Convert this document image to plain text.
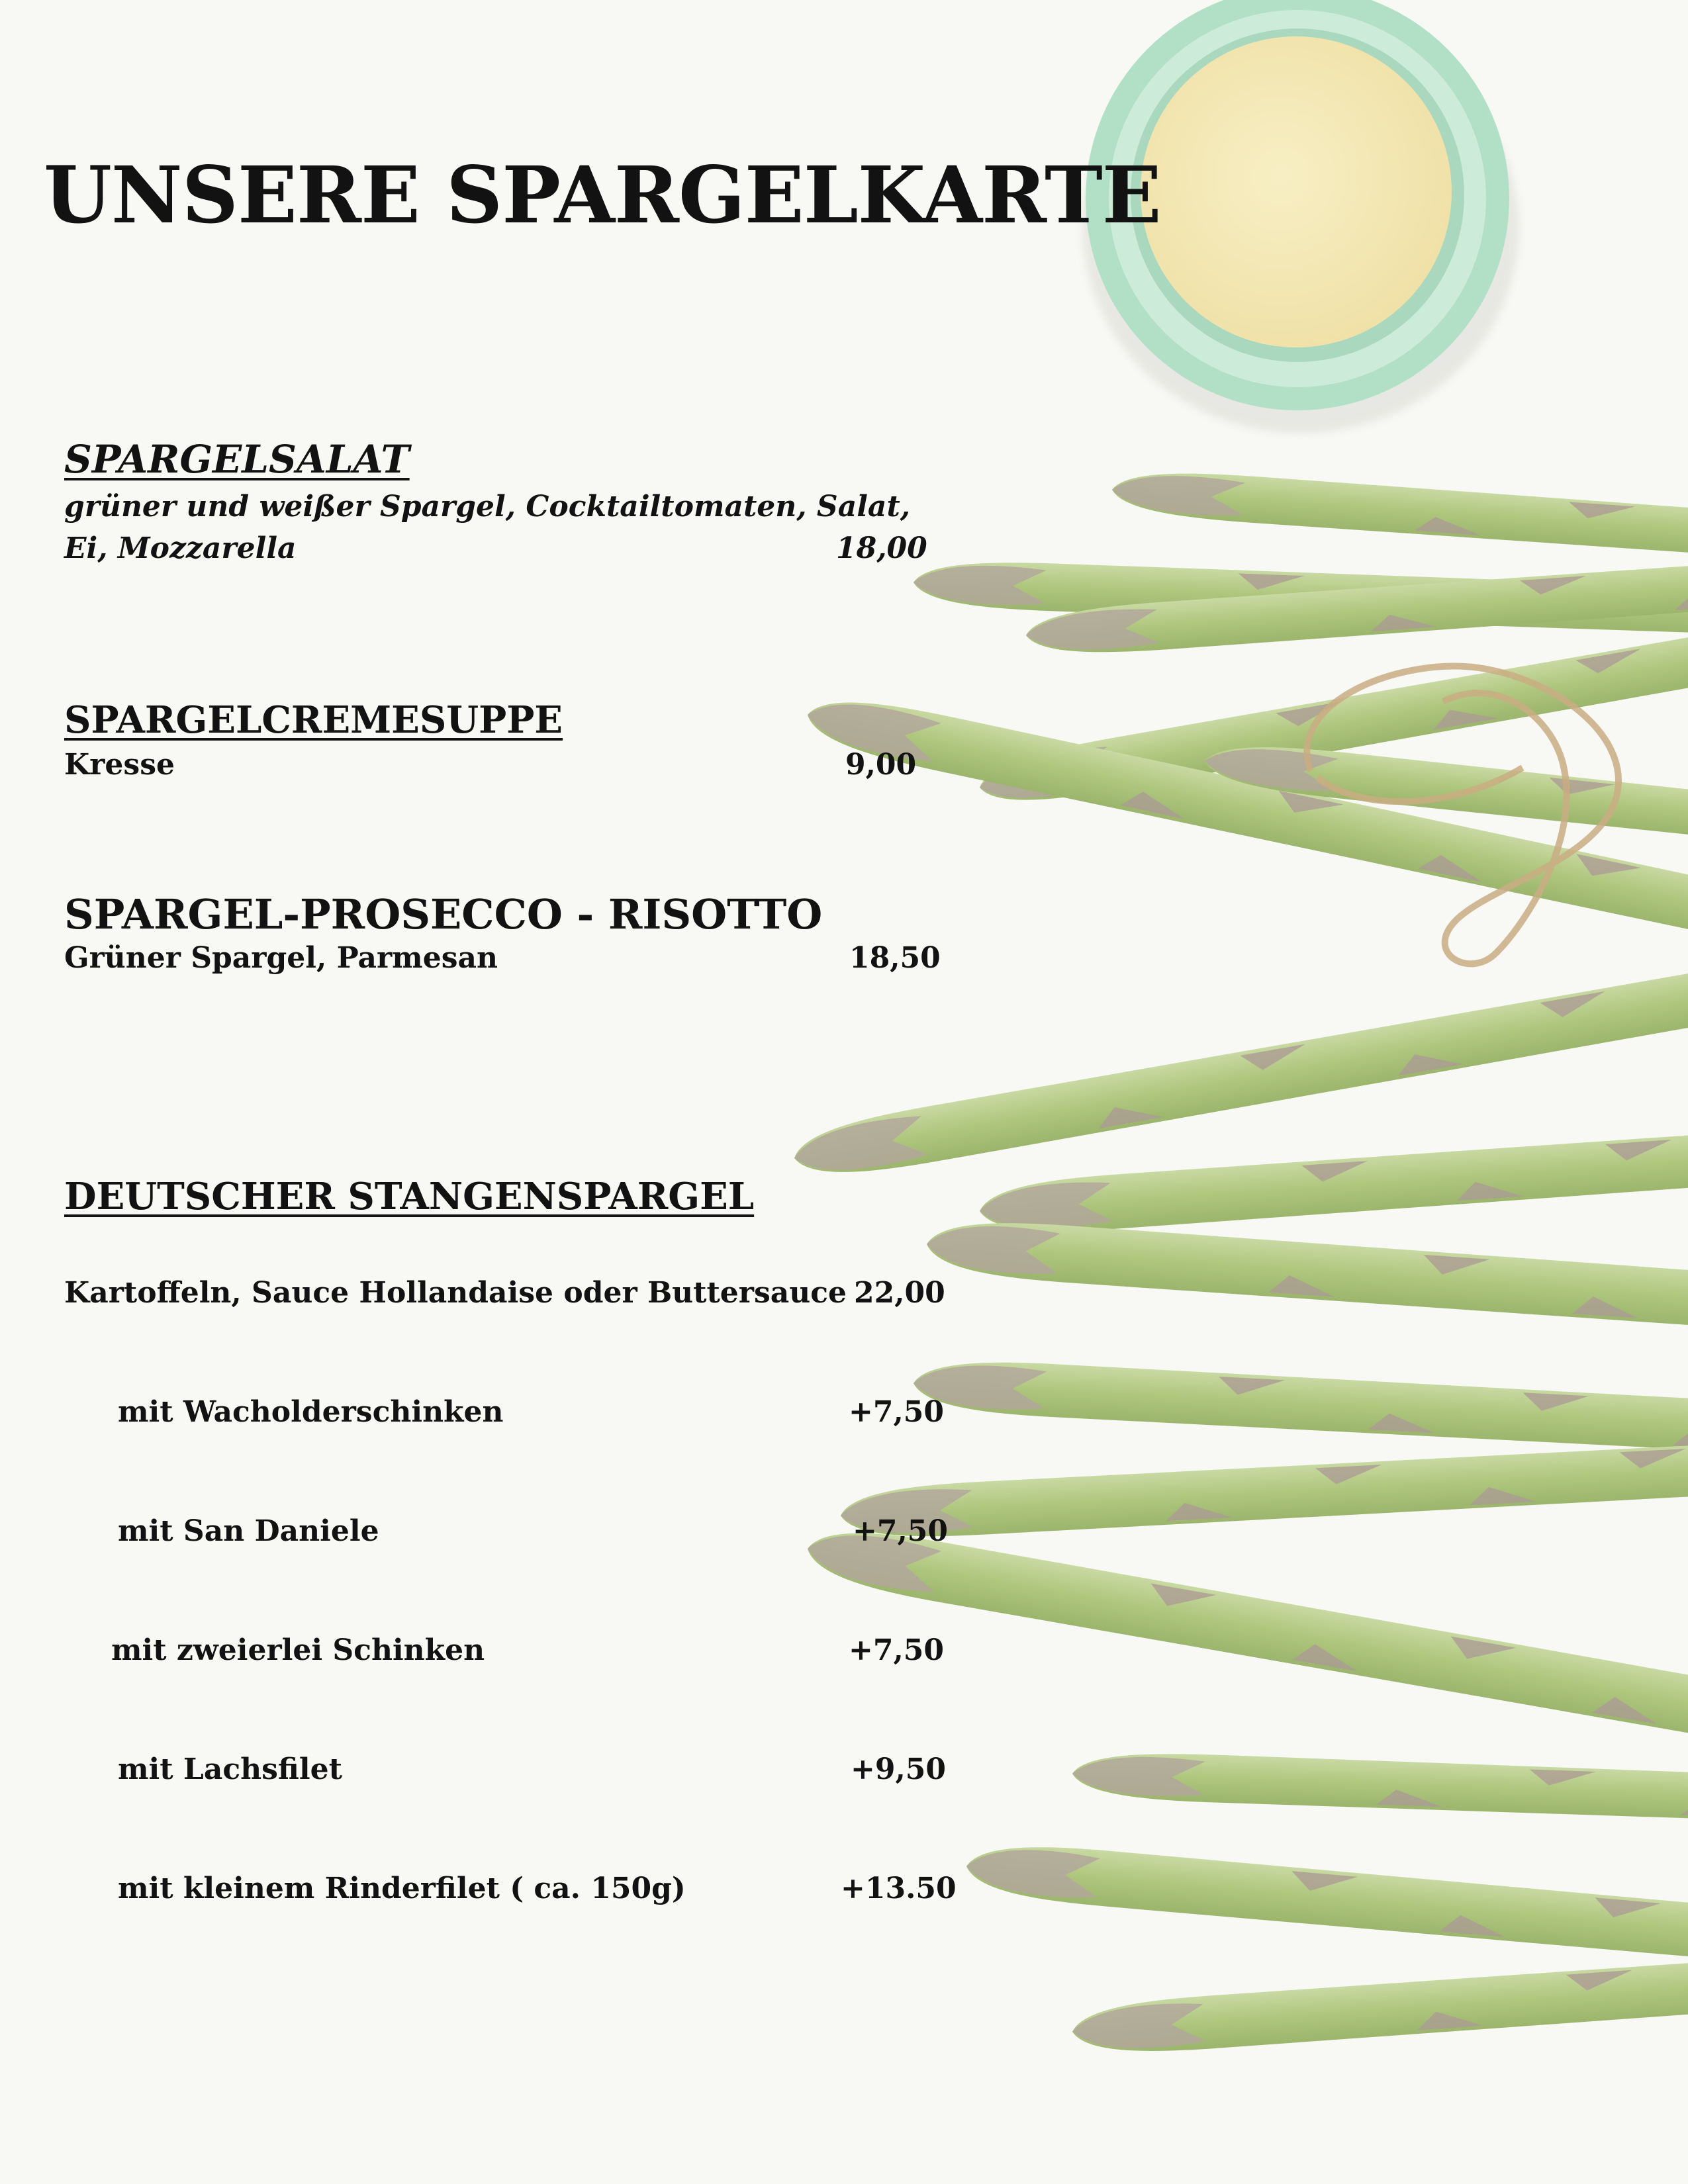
UNSERE SPARGELKARTE
SPARGELSALAT
grüner und weißer Spargel, Cocktailtomaten, Salat,
Ei, Mozzarella	18,00
SPARGELCREMESUPPE
Kresse	9,00
SPARGEL-PROSECCO - RISOTTO
Grüner Spargel, Parmesan	18,50
DEUTSCHER STANGENSPARGEL
Kartoffeln, Sauce Hollandaise oder Buttersauce 22,00
mit Wacholderschinken	+7,50
mit San Daniele	+7,50
mit zweierlei Schinken	+7,50
mit Lachsfilet	+9,50
mit kleinem Rinderfilet ( ca. 150g)	+13.50
